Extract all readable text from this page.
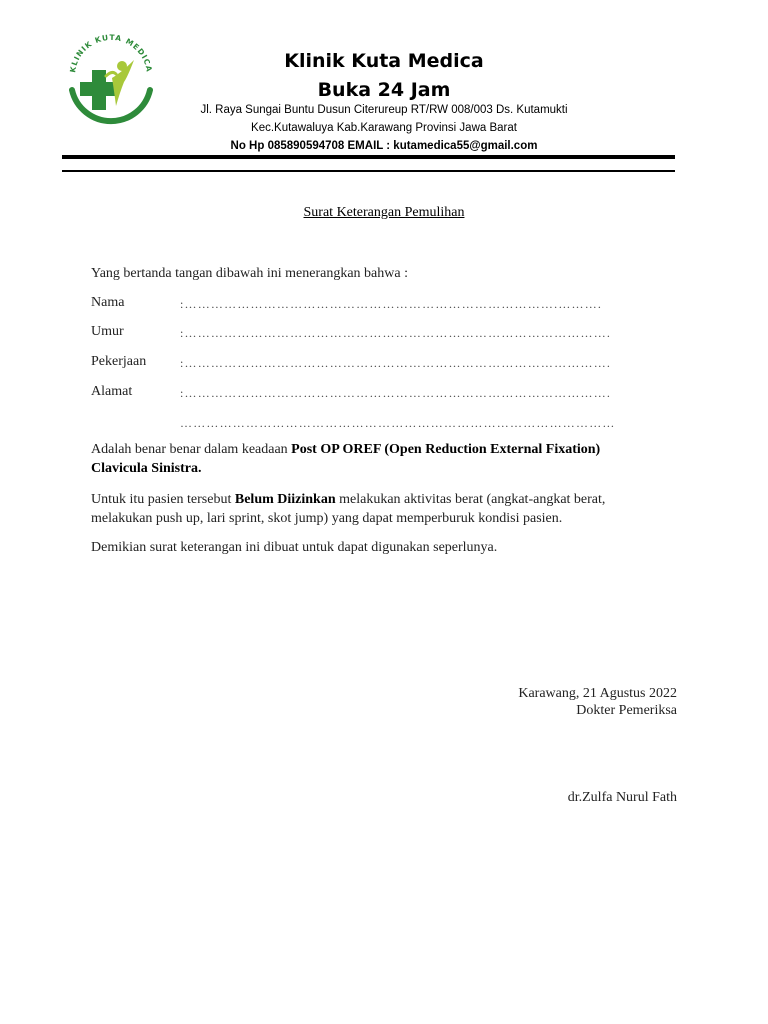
KLINIK KUTA MEDICA	Klinik Kuta Medica
Buka 24 Jam
Jl. Raya Sungai Buntu Dusun Citerureup RT/RW 008/003 Ds. Kutamukti
Kec.Kutawaluya Kab.Karawang Provinsi Jawa Barat
No Hp 085890594708 EMAIL : kutamedica55@gmail.com
Surat Keterangan Pemulihan
Yang bertanda tangan dibawah ini menerangkan bahwa :
Nama	:………………………………………………………………………….……….
Umur	:…………………………………………………………………………………….
Pekerjaan	:…………………………………………………………………………………….
Alamat	:…………………………………………………………………………………….
………………………………………………………………………………………
Adalah benar benar dalam keadaan Post OP OREF (Open Reduction External Fixation)
Clavicula Sinistra.
Untuk itu pasien tersebut Belum Diizinkan melakukan aktivitas berat (angkat-angkat berat,
melakukan push up, lari sprint, skot jump) yang dapat memperburuk kondisi pasien.
Demikian surat keterangan ini dibuat untuk dapat digunakan seperlunya.
Karawang, 21 Agustus 2022
Dokter Pemeriksa
dr.Zulfa Nurul Fath
